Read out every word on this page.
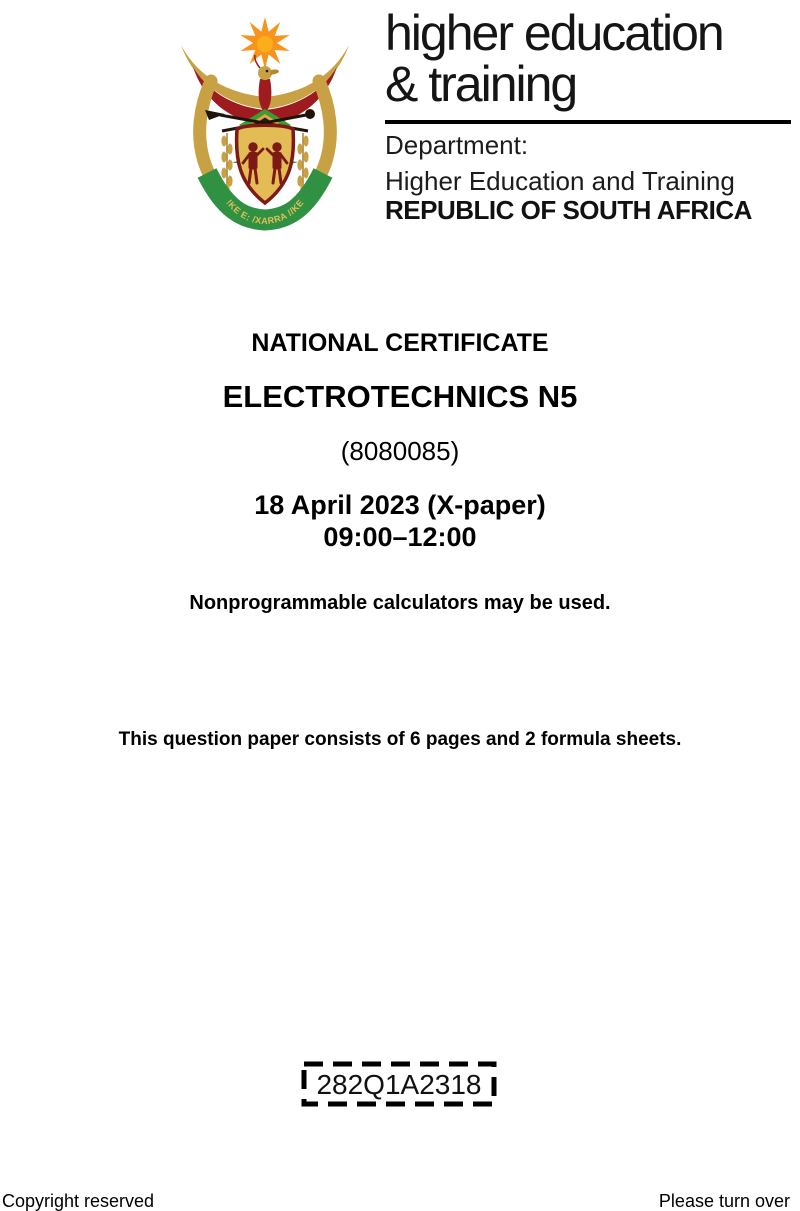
!KE E: /XARRA //KE
higher education
& training
Department:
Higher Education and Training
REPUBLIC OF SOUTH AFRICA
NATIONAL CERTIFICATE
ELECTROTECHNICS N5
(8080085)
18 April 2023 (X-paper)
09:00–12:00
Nonprogrammable calculators may be used.
This question paper consists of 6 pages and 2 formula sheets.
282Q1A2318
Copyright reserved	Please turn over
